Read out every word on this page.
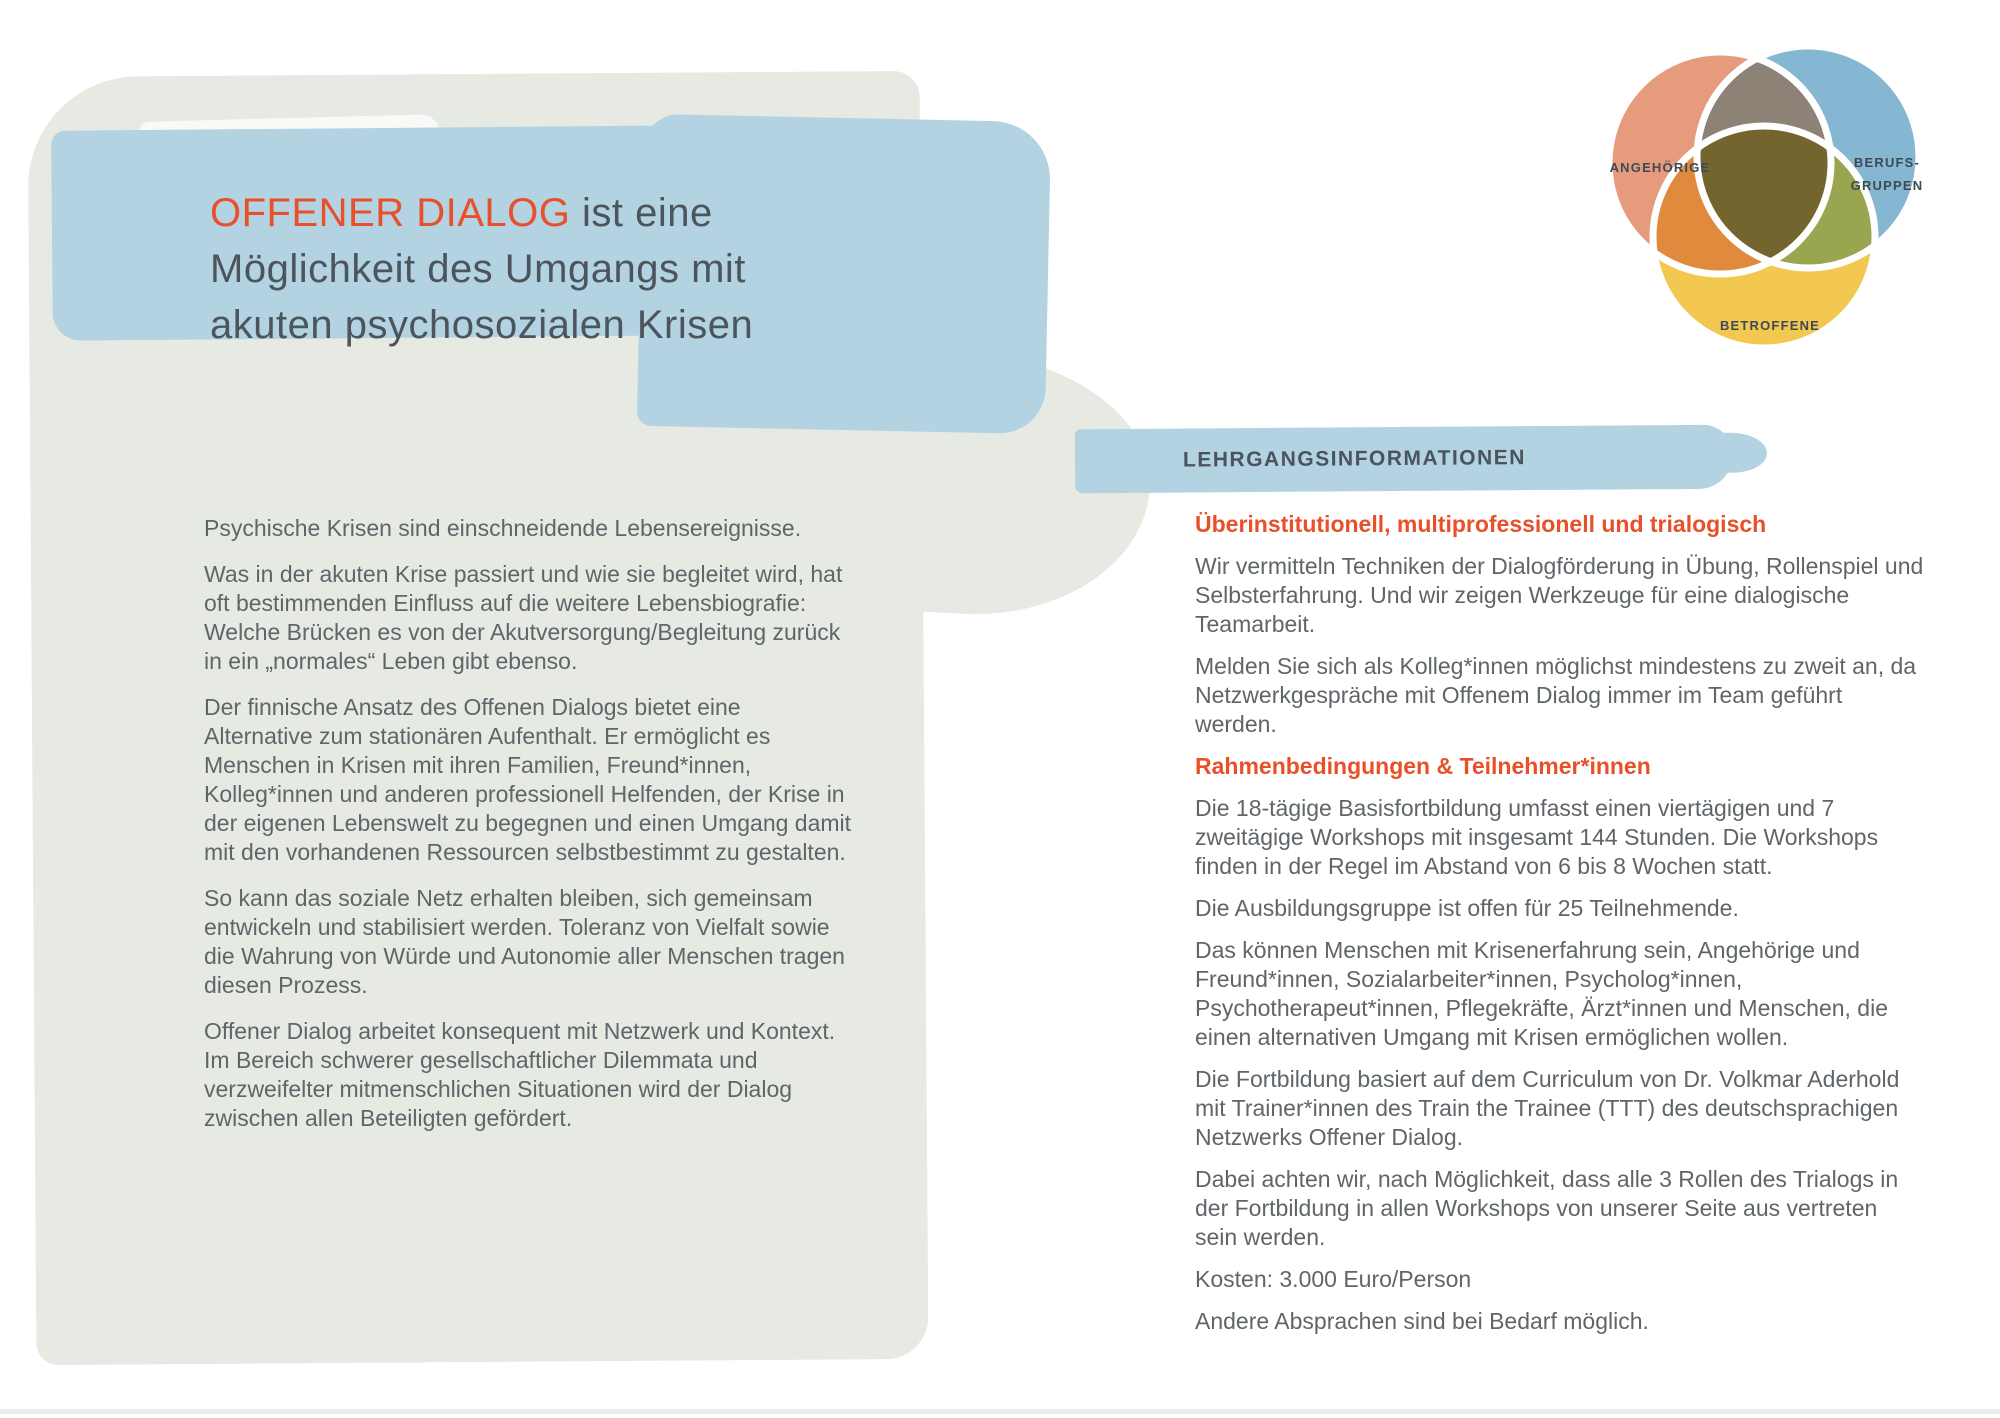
OFFENER DIALOG ist eine Möglichkeit des Umgangs mit akuten psychosozialen Krisen

Psychische Krisen sind einschneidende Lebensereignisse.

Was in der akuten Krise passiert und wie sie begleitet wird, hat oft bestimmenden Einfluss auf die weitere Lebensbiografie: Welche Brücken es von der Akutversorgung/Begleitung zurück in ein „normales“ Leben gibt ebenso.

Der finnische Ansatz des Offenen Dialogs bietet eine Alternative zum stationären Aufenthalt. Er ermöglicht es Menschen in Krisen mit ihren Familien, Freund*innen, Kolleg*innen und anderen professionell Helfenden, der Krise in der eigenen Lebenswelt zu begegnen und einen Umgang damit mit den vorhandenen Ressourcen selbstbestimmt zu gestalten.

So kann das soziale Netz erhalten bleiben, sich gemeinsam entwickeln und stabilisiert werden. Toleranz von Vielfalt sowie die Wahrung von Würde und Autonomie aller Menschen tragen diesen Prozess.

Offener Dialog arbeitet konsequent mit Netzwerk und Kontext. Im Bereich schwerer gesellschaftlicher Dilemmata und verzweifelter mitmenschlichen Situationen wird der Dialog zwischen allen Beteiligten gefördert.

ANGEHÖRIGE	BERUFS-
GRUPPEN
BETROFFENE
LEHRGANGSINFORMATIONEN
Überinstitutionell, multiprofessionell und trialogisch

Wir vermitteln Techniken der Dialogförderung in Übung, Rollenspiel und Selbsterfahrung. Und wir zeigen Werkzeuge für eine dialogische Teamarbeit.

Melden Sie sich als Kolleg*innen möglichst mindestens zu zweit an, da Netzwerkgespräche mit Offenem Dialog immer im Team geführt werden.

Rahmenbedingungen & Teilnehmer*innen

Die 18-tägige Basisfortbildung umfasst einen viertägigen und 7 zweitägige Workshops mit insgesamt 144 Stunden. Die Workshops finden in der Regel im Abstand von 6 bis 8 Wochen statt.

Die Ausbildungsgruppe ist offen für 25 Teilnehmende.

Das können Menschen mit Krisenerfahrung sein, Angehörige und Freund*innen, Sozialarbeiter*innen, Psycholog*innen, Psychotherapeut*innen, Pflegekräfte, Ärzt*innen und Menschen, die einen alternativen Umgang mit Krisen ermöglichen wollen.

Die Fortbildung basiert auf dem Curriculum von Dr. Volkmar Aderhold mit Trainer*innen des Train the Trainee (TTT) des deutschsprachigen Netzwerks Offener Dialog.

Dabei achten wir, nach Möglichkeit, dass alle 3 Rollen des Trialogs in der Fortbildung in allen Workshops von unserer Seite aus vertreten sein werden.

Kosten: 3.000 Euro/Person

Andere Absprachen sind bei Bedarf möglich.
